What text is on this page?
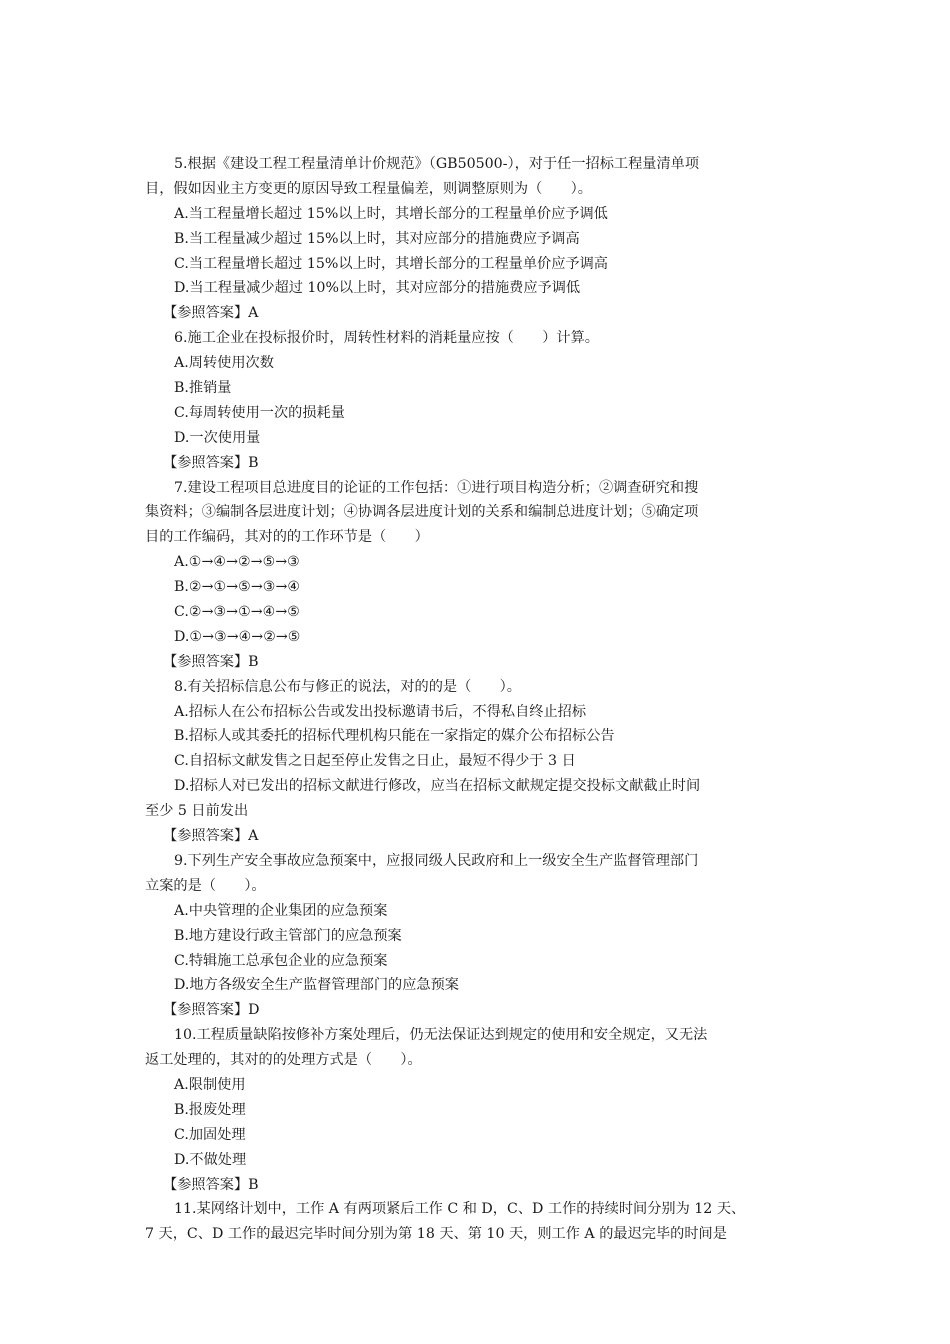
5.根据《建设工程工程量清单计价规范》（GB50500-），对于任一招标工程量清单项
目，假如因业主方变更的原因导致工程量偏差，则调整原则为（　　）。
A.当工程量增长超过 15%以上时，其增长部分的工程量单价应予调低
B.当工程量减少超过 15%以上时，其对应部分的措施费应予调高
C.当工程量增长超过 15%以上时，其增长部分的工程量单价应予调高
D.当工程量减少超过 10%以上时，其对应部分的措施费应予调低
【参照答案】A
6.施工企业在投标报价时，周转性材料的消耗量应按（　　）计算。
A.周转使用次数
B.推销量
C.每周转使用一次的损耗量
D.一次使用量
【参照答案】B
7.建设工程项目总进度目的论证的工作包括：①进行项目构造分析；②调查研究和搜
集资料；③编制各层进度计划；④协调各层进度计划的关系和编制总进度计划；⑤确定项
目的工作编码，其对的的工作环节是（　　）
A.①→④→②→⑤→③
B.②→①→⑤→③→④
C.②→③→①→④→⑤
D.①→③→④→②→⑤
【参照答案】B
8.有关招标信息公布与修正的说法，对的的是（　　）。
A.招标人在公布招标公告或发出投标邀请书后，不得私自终止招标
B.招标人或其委托的招标代理机构只能在一家指定的媒介公布招标公告
C.自招标文献发售之日起至停止发售之日止，最短不得少于 3 日
D.招标人对已发出的招标文献进行修改，应当在招标文献规定提交投标文献截止时间
至少 5 日前发出
【参照答案】A
9.下列生产安全事故应急预案中，应报同级人民政府和上一级安全生产监督管理部门
立案的是（　　）。
A.中央管理的企业集团的应急预案
B.地方建设行政主管部门的应急预案
C.特辑施工总承包企业的应急预案
D.地方各级安全生产监督管理部门的应急预案
【参照答案】D
10.工程质量缺陷按修补方案处理后，仍无法保证达到规定的使用和安全规定，又无法
返工处理的，其对的的处理方式是（　　）。
A.限制使用
B.报废处理
C.加固处理
D.不做处理
【参照答案】B
11.某网络计划中，工作 A 有两项紧后工作 C 和 D，C、D 工作的持续时间分别为 12 天、
7 天，C、D 工作的最迟完毕时间分别为第 18 天、第 10 天，则工作 A 的最迟完毕的时间是
